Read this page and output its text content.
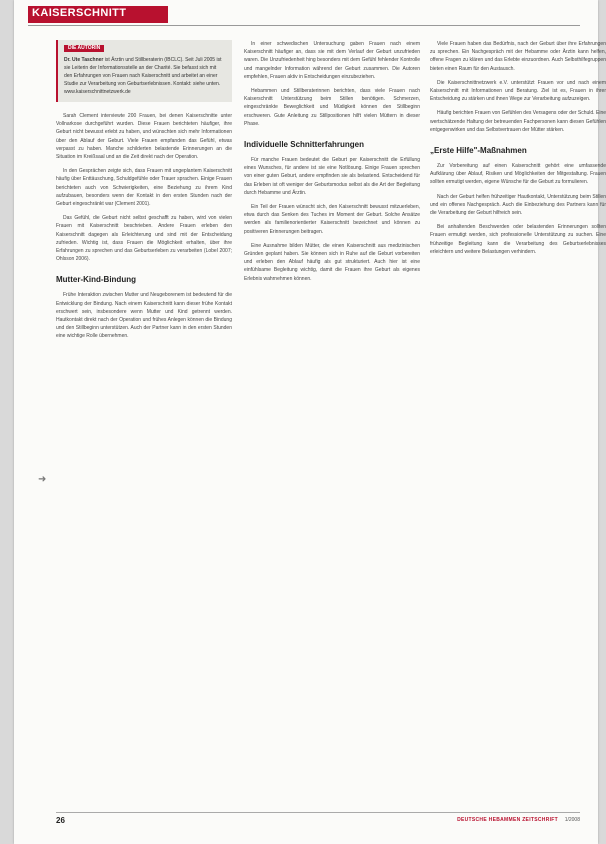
KAISERSCHNITT
DIE AUTORIN
Dr. Ute Taschner ist Ärztin und Stillberaterin (IBCLC). Seit Juli 2005 ist sie Leiterin der Informationsstelle an der Charité. Sie befasst sich mit den Erfahrungen von Frauen nach Kaiserschnitt und arbeitet an einer Studie zur Verarbeitung von Geburtserlebnissen. Kontakt: siehe unten.
www.kaiserschnittnetzwerk.de

Sarah Clement interviewte 200 Frauen, bei denen Kaiserschnitte unter Vollnarkose durchgeführt wurden. Diese Frauen berichteten häufiger, ihre Geburt nicht bewusst erlebt zu haben, und wünschten sich mehr Informationen über den Ablauf der Geburt. Viele Frauen empfanden das Gefühl, etwas verpasst zu haben. Manche schilderten belastende Erinnerungen an die Situation im Kreißsaal und an die Zeit direkt nach der Operation.

In den Gesprächen zeigte sich, dass Frauen mit ungeplantem Kaiserschnitt häufig über Enttäuschung, Schuldgefühle oder Trauer sprachen. Einige Frauen berichteten auch von Schwierigkeiten, eine Beziehung zu ihrem Kind aufzubauen, besonders wenn der Kontakt in den ersten Stunden nach der Geburt eingeschränkt war (Clement 2001).

Das Gefühl, die Geburt nicht selbst geschafft zu haben, wird von vielen Frauen mit Kaiserschnitt beschrieben. Andere Frauen erleben den Kaiserschnitt dagegen als Erleichterung und sind mit der Entscheidung zufrieden. Wichtig ist, dass Frauen die Möglichkeit erhalten, über ihre Erfahrungen zu sprechen und das Geburtserleben zu verarbeiten (Lobel 2007; Ohlsson 2006).

Mutter-Kind-Bindung

Frühe Interaktion zwischen Mutter und Neugeborenem ist bedeutend für die Entwicklung der Bindung. Nach einem Kaiserschnitt kann dieser frühe Kontakt erschwert sein, insbesondere wenn Mutter und Kind getrennt werden. Hautkontakt direkt nach der Operation und frühes Anlegen können die Bindung und den Stillbeginn unterstützen. Auch der Partner kann in den ersten Stunden eine wichtige Rolle übernehmen.

In einer schwedischen Untersuchung gaben Frauen nach einem Kaiserschnitt häufiger an, dass sie mit dem Verlauf der Geburt unzufrieden waren. Die Unzufriedenheit hing besonders mit dem Gefühl fehlender Kontrolle und mangelnder Information während der Geburt zusammen. Die Autoren empfehlen, Frauen aktiv in Entscheidungen einzubeziehen.

Hebammen und Stillberaterinnen berichten, dass viele Frauen nach Kaiserschnitt Unterstützung beim Stillen benötigen. Schmerzen, eingeschränkte Beweglichkeit und Müdigkeit können den Stillbeginn erschweren. Gute Anleitung zu Stillpositionen hilft vielen Müttern in dieser Phase.

Individuelle Schnitterfahrungen

Für manche Frauen bedeutet die Geburt per Kaiserschnitt die Erfüllung eines Wunsches, für andere ist sie eine Notlösung. Einige Frauen sprechen von einer guten Geburt, andere empfinden sie als belastend. Entscheidend für das Erleben ist oft weniger der Geburtsmodus selbst als die Art der Begleitung durch Hebamme und Ärztin.

Ein Teil der Frauen wünscht sich, den Kaiserschnitt bewusst mitzuerleben, etwa durch das Senken des Tuches im Moment der Geburt. Solche Ansätze werden als familienorientierter Kaiserschnitt bezeichnet und können zu positiveren Erinnerungen beitragen.

Eine Ausnahme bilden Mütter, die einen Kaiserschnitt aus medizinischen Gründen geplant haben. Sie können sich in Ruhe auf die Geburt vorbereiten und erleben den Ablauf häufig als gut strukturiert. Auch hier ist eine einfühlsame Begleitung wichtig, damit die Frauen ihre Geburt als eigenes Erlebnis wahrnehmen können.

Viele Frauen haben das Bedürfnis, nach der Geburt über ihre Erfahrungen zu sprechen. Ein Nachgespräch mit der Hebamme oder Ärztin kann helfen, offene Fragen zu klären und das Erlebte einzuordnen. Auch Selbsthilfegruppen bieten einen Raum für den Austausch.

Die Kaiserschnittnetzwerk e.V. unterstützt Frauen vor und nach einem Kaiserschnitt mit Informationen und Beratung. Ziel ist es, Frauen in ihrer Entscheidung zu stärken und ihnen Wege zur Verarbeitung aufzuzeigen.

Häufig berichten Frauen von Gefühlen des Versagens oder der Schuld. Eine wertschätzende Haltung der betreuenden Fachpersonen kann diesen Gefühlen entgegenwirken und das Selbstvertrauen der Mütter stärken.

„Erste Hilfe"-Maßnahmen

Zur Vorbereitung auf einen Kaiserschnitt gehört eine umfassende Aufklärung über Ablauf, Risiken und Möglichkeiten der Mitgestaltung. Frauen sollten ermutigt werden, eigene Wünsche für die Geburt zu formulieren.

Nach der Geburt helfen frühzeitiger Hautkontakt, Unterstützung beim Stillen und ein offenes Nachgespräch. Auch die Einbeziehung des Partners kann für die Verarbeitung der Geburt hilfreich sein.

Bei anhaltenden Beschwerden oder belastenden Erinnerungen sollten Frauen ermutigt werden, sich professionelle Unterstützung zu suchen. Eine frühzeitige Begleitung kann die Verarbeitung des Geburtserlebnisses erleichtern und weitere Belastungen verhindern.

➜
26	DEUTSCHE HEBAMMEN ZEITSCHRIFT 1/2008
